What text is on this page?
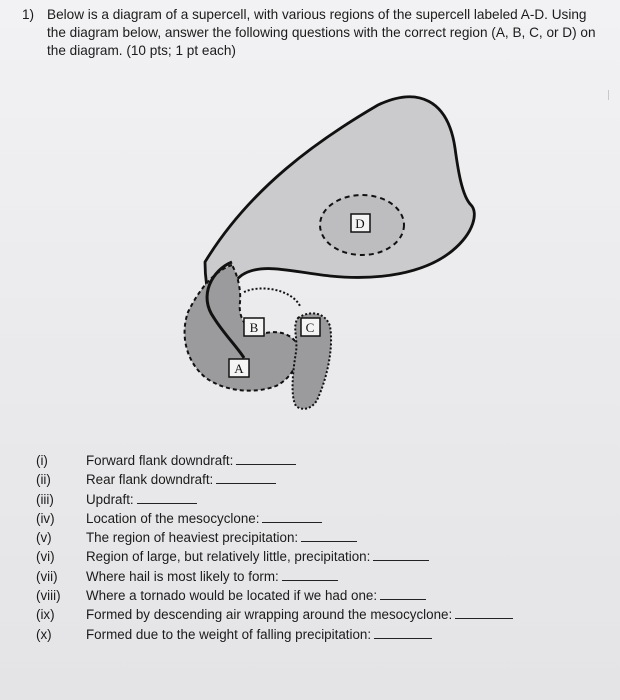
1) Below is a diagram of a supercell, with various regions of the supercell labeled A-D. Using the diagram below, answer the following questions with the correct region (A, B, C, or D) on the diagram. (10 pts; 1 pt each)
A
B	C
D
(i)	Forward flank downdraft:
(ii)	Rear flank downdraft:
(iii) Updraft:
(iv) Location of the mesocyclone:
(v)	The region of heaviest precipitation:
(vi) Region of large, but relatively little, precipitation:
(vii) Where hail is most likely to form:
(viii) Where a tornado would be located if we had one:
(ix) Formed by descending air wrapping around the mesocyclone:
(x)	Formed due to the weight of falling precipitation:
